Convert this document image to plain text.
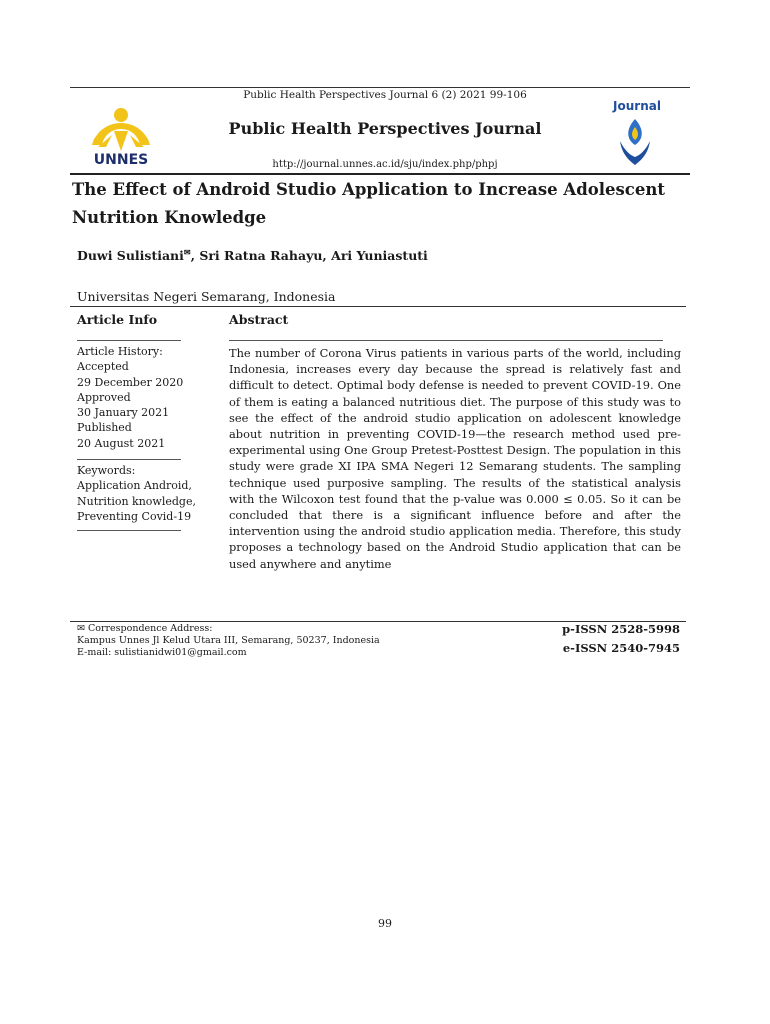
Public Health Perspectives Journal 6 (2) 2021 99-106
UNNES
Public Health Perspectives Journal
http://journal.unnes.ac.id/sju/index.php/phpj
Journal
The Effect of Android Studio Application to Increase Adolescent Nutrition Knowledge
Duwi Sulistiani✉, Sri Ratna Rahayu, Ari Yuniastuti
Universitas Negeri Semarang, Indonesia
Article Info
Article History:
Accepted
29 December 2020
Approved
30 January 2021
Published
20 August 2021
Keywords:
Application Android,
Nutrition knowledge,
Preventing Covid-19
Abstract
The number of Corona Virus patients in various parts of the world, including Indonesia, increases every day because the spread is relatively fast and difficult to detect. Optimal body defense is needed to prevent COVID-19. One of them is eating a balanced nutritious diet. The purpose of this study was to see the effect of the android studio application on adolescent knowledge about nutrition in preventing COVID-19—the research method used pre-experimental using One Group Pretest-Posttest Design. The population in this study were grade XI IPA SMA Negeri 12 Semarang students. The sampling technique used purposive sampling. The results of the statistical analysis with the Wilcoxon test found that the p-value was 0.000 ≤ 0.05. So it can be concluded that there is a significant influence before and after the intervention using the android studio application media. Therefore, this study proposes a technology based on the Android Studio application that can be used anywhere and anytime
✉ Correspondence Address:
Kampus Unnes Jl Kelud Utara III, Semarang, 50237, Indonesia
E-mail: sulistianidwi01@gmail.com
p-ISSN 2528-5998
e-ISSN 2540-7945
99
